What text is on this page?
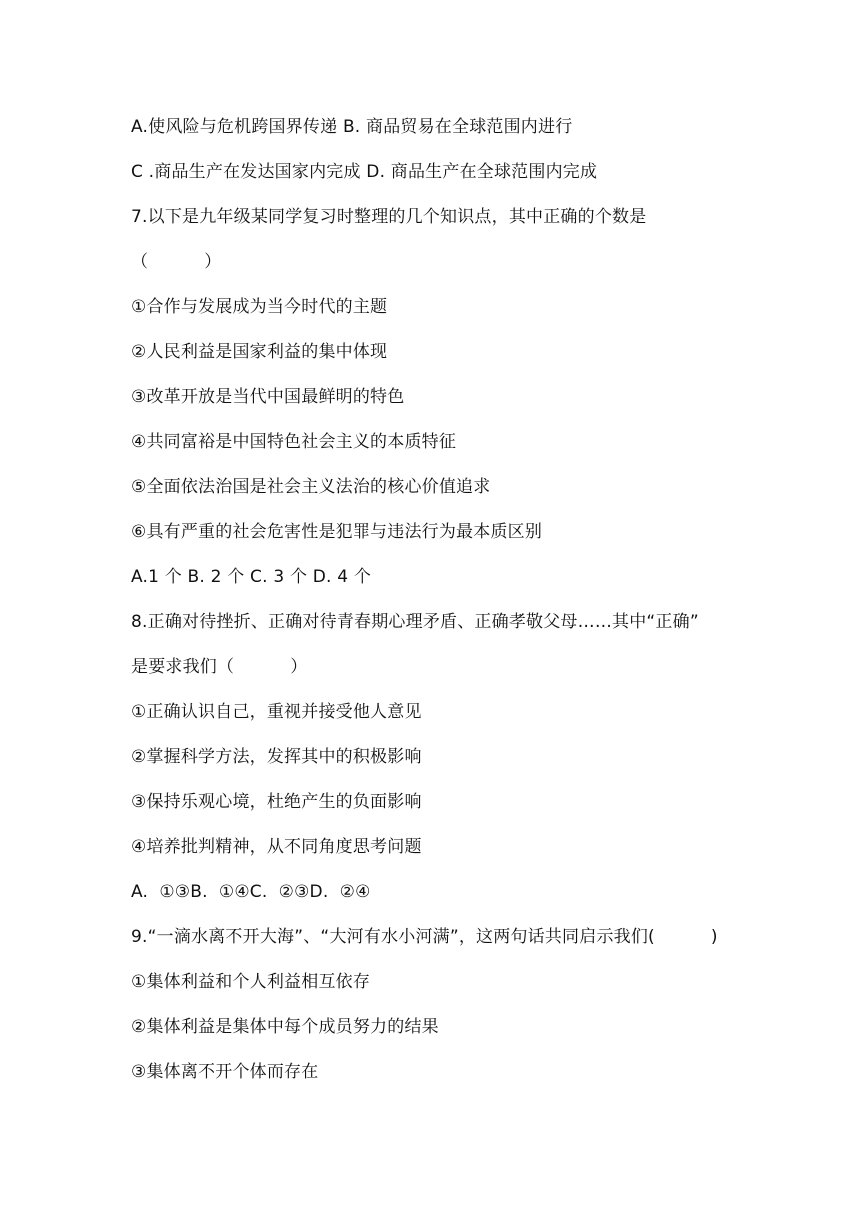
A.使风险与危机跨国界传递 B. 商品贸易在全球范围内进行
C .商品生产在发达国家内完成 D. 商品生产在全球范围内完成
7.以下是九年级某同学复习时整理的几个知识点，其中正确的个数是
（          ）
①合作与发展成为当今时代的主题
②人民利益是国家利益的集中体现
③改革开放是当代中国最鲜明的特色
④共同富裕是中国特色社会主义的本质特征
⑤全面依法治国是社会主义法治的核心价值追求
⑥具有严重的社会危害性是犯罪与违法行为最本质区别
A.1 个 B. 2 个 C. 3 个 D. 4 个
8.正确对待挫折、正确对待青春期心理矛盾、正确孝敬父母……其中“正确”
是要求我们（          ）
①正确认识自己，重视并接受他人意见
②掌握科学方法，发挥其中的积极影响
③保持乐观心境，杜绝产生的负面影响
④培养批判精神，从不同角度思考问题
A.  ①③B.  ①④C.  ②③D.  ②④
9.“一滴水离不开大海”、“大河有水小河满”，这两句话共同启示我们(          )
①集体利益和个人利益相互依存
②集体利益是集体中每个成员努力的结果
③集体离不开个体而存在
